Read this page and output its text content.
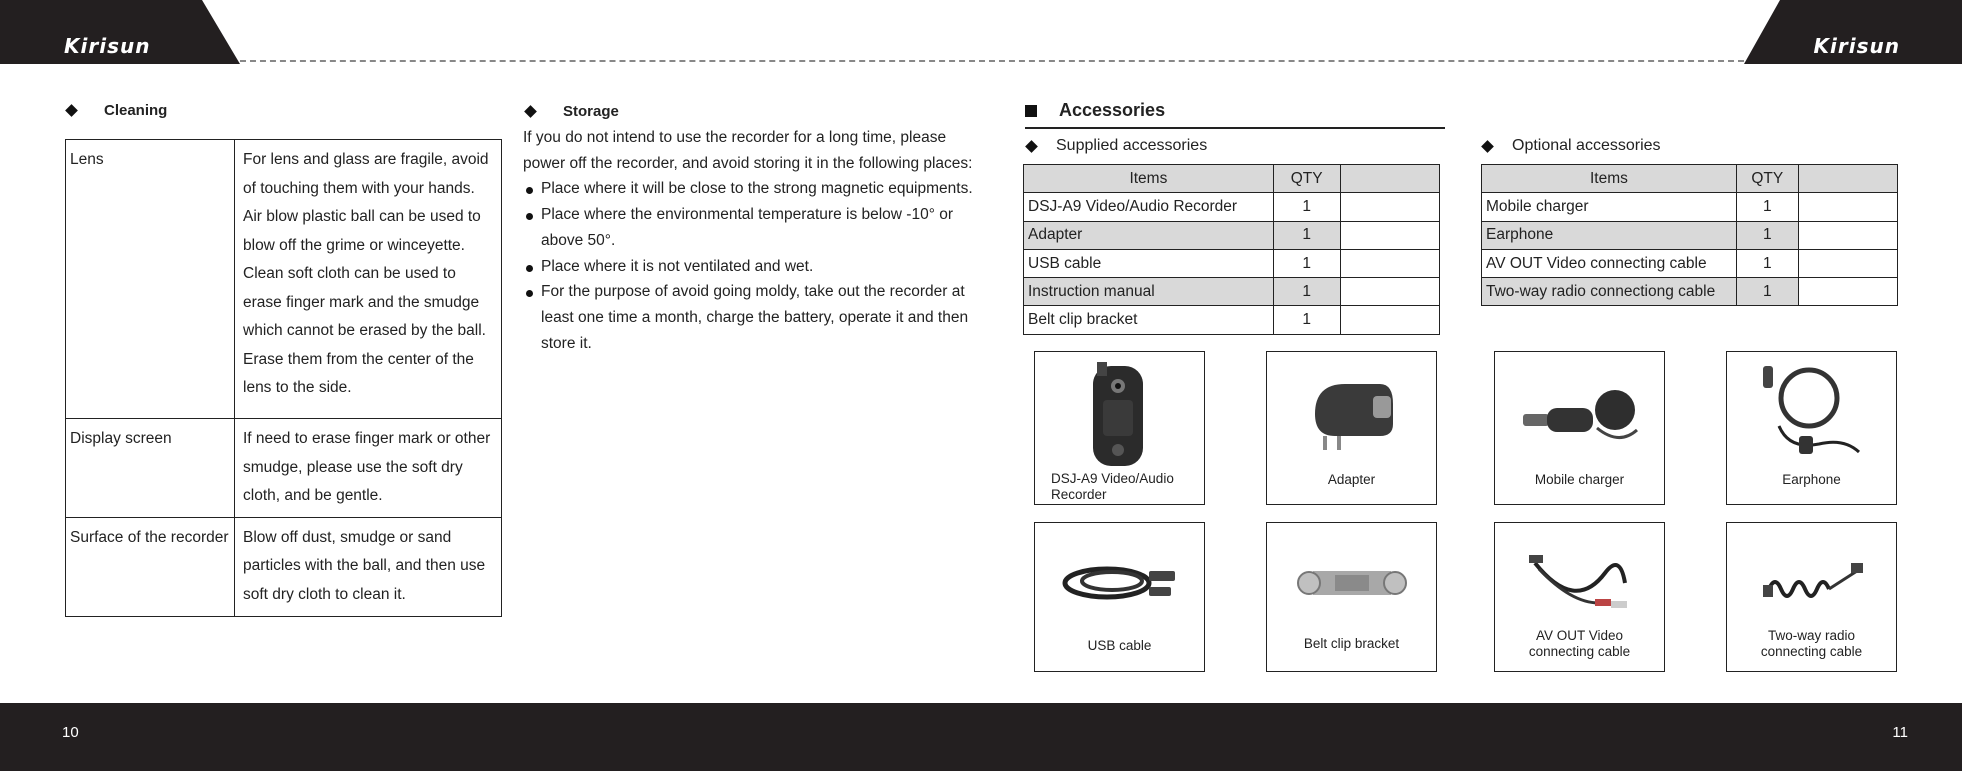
Kirisun	Kirisun
Cleaning
Lens	For lens and glass are fragile, avoid of touching them with your hands. Air blow plastic ball can be used to blow off the grime or winceyette. Clean soft cloth can be used to erase finger mark and the smudge which cannot be erased by the ball. Erase them from the center of the lens to the side.
Display screen	If need to erase finger mark or other smudge, please use the soft dry cloth, and be gentle.
Surface of the recorder	Blow off dust, smudge or sand particles with the ball, and then use soft dry cloth to clean it.
Storage

If you do not intend to use the recorder for a long time, please power off the recorder, and avoid storing it in the following places:

Place where it will be close to the strong magnetic equipments.
Place where the environmental temperature is below -10° or above 50°.
Place where it is not ventilated and wet.
For the purpose of avoid going moldy, take out the recorder at least one time a month, charge the battery, operate it and then store it.
Accessories
Supplied accessories
Items	QTY	
DSJ-A9 Video/Audio Recorder	1	
Adapter	1	
USB cable	1	
Instruction manual	1	
Belt clip bracket	1	
Optional accessories
Items	QTY	
Mobile charger	1	
Earphone	1	
AV OUT Video connecting cable	1	
Two-way radio connectiong cable	1	
DSJ-A9 Video/Audio
Recorder
Adapter	Mobile charger	Earphone
USB cable	Belt clip bracket
AV OUT Video
connecting cable
Two-way radio
connecting cable
10	11
